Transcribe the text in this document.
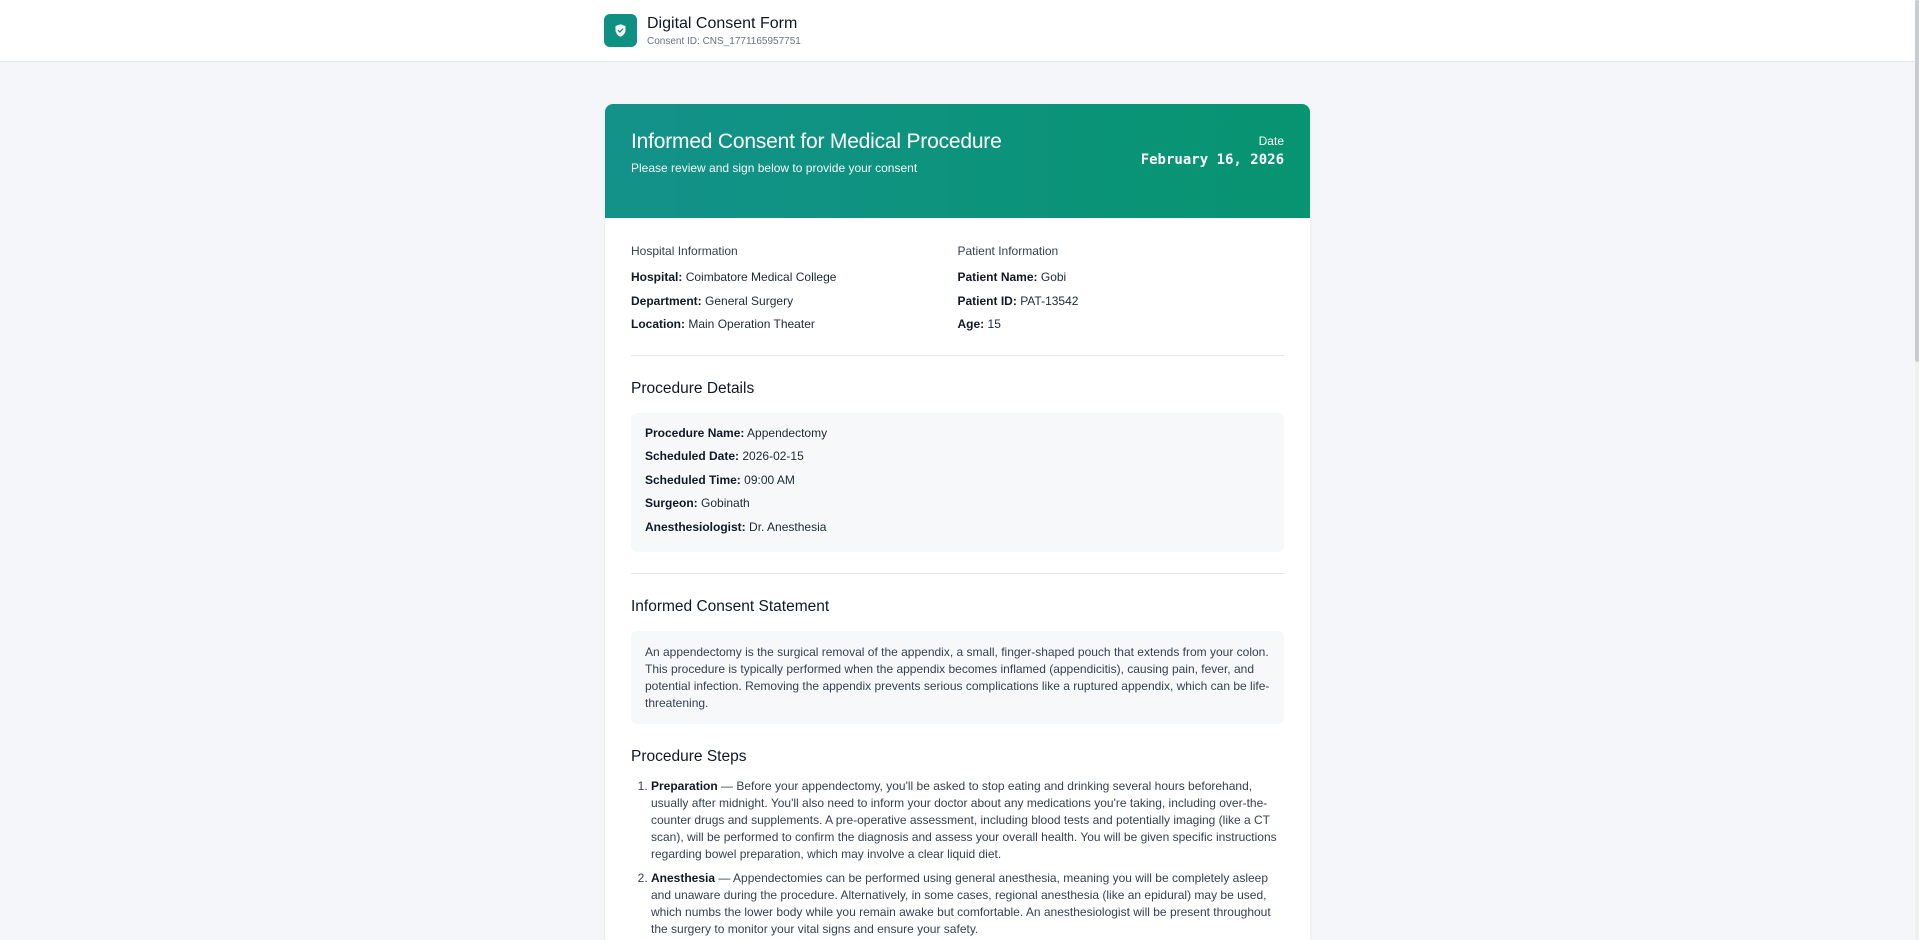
Digital Consent Form
Consent ID: CNS_1771165957751
Informed Consent for Medical Procedure
Please review and sign below to provide your consent
Date
February 16, 2026
Hospital Information
Hospital: Coimbatore Medical College
Department: General Surgery
Location: Main Operation Theater
Patient Information
Patient Name: Gobi
Patient ID: PAT-13542
Age: 15
Procedure Details
Procedure Name: Appendectomy
Scheduled Date: 2026-02-15
Scheduled Time: 09:00 AM
Surgeon: Gobinath
Anesthesiologist: Dr. Anesthesia
Informed Consent Statement
An appendectomy is the surgical removal of the appendix, a small, finger-shaped pouch that extends from your colon. This procedure is typically performed when the appendix becomes inflamed (appendicitis), causing pain, fever, and potential infection. Removing the appendix prevents serious complications like a ruptured appendix, which can be life-threatening.
Procedure Steps
1. Preparation — Before your appendectomy, you'll be asked to stop eating and drinking several hours beforehand, usually after midnight. You'll also need to inform your doctor about any medications you're taking, including over-the-counter drugs and supplements. A pre-operative assessment, including blood tests and potentially imaging (like a CT scan), will be performed to confirm the diagnosis and assess your overall health. You will be given specific instructions regarding bowel preparation, which may involve a clear liquid diet.
2. Anesthesia — Appendectomies can be performed using general anesthesia, meaning you will be completely asleep and unaware during the procedure. Alternatively, in some cases, regional anesthesia (like an epidural) may be used, which numbs the lower body while you remain awake but comfortable. An anesthesiologist will be present throughout the surgery to monitor your vital signs and ensure your safety.
